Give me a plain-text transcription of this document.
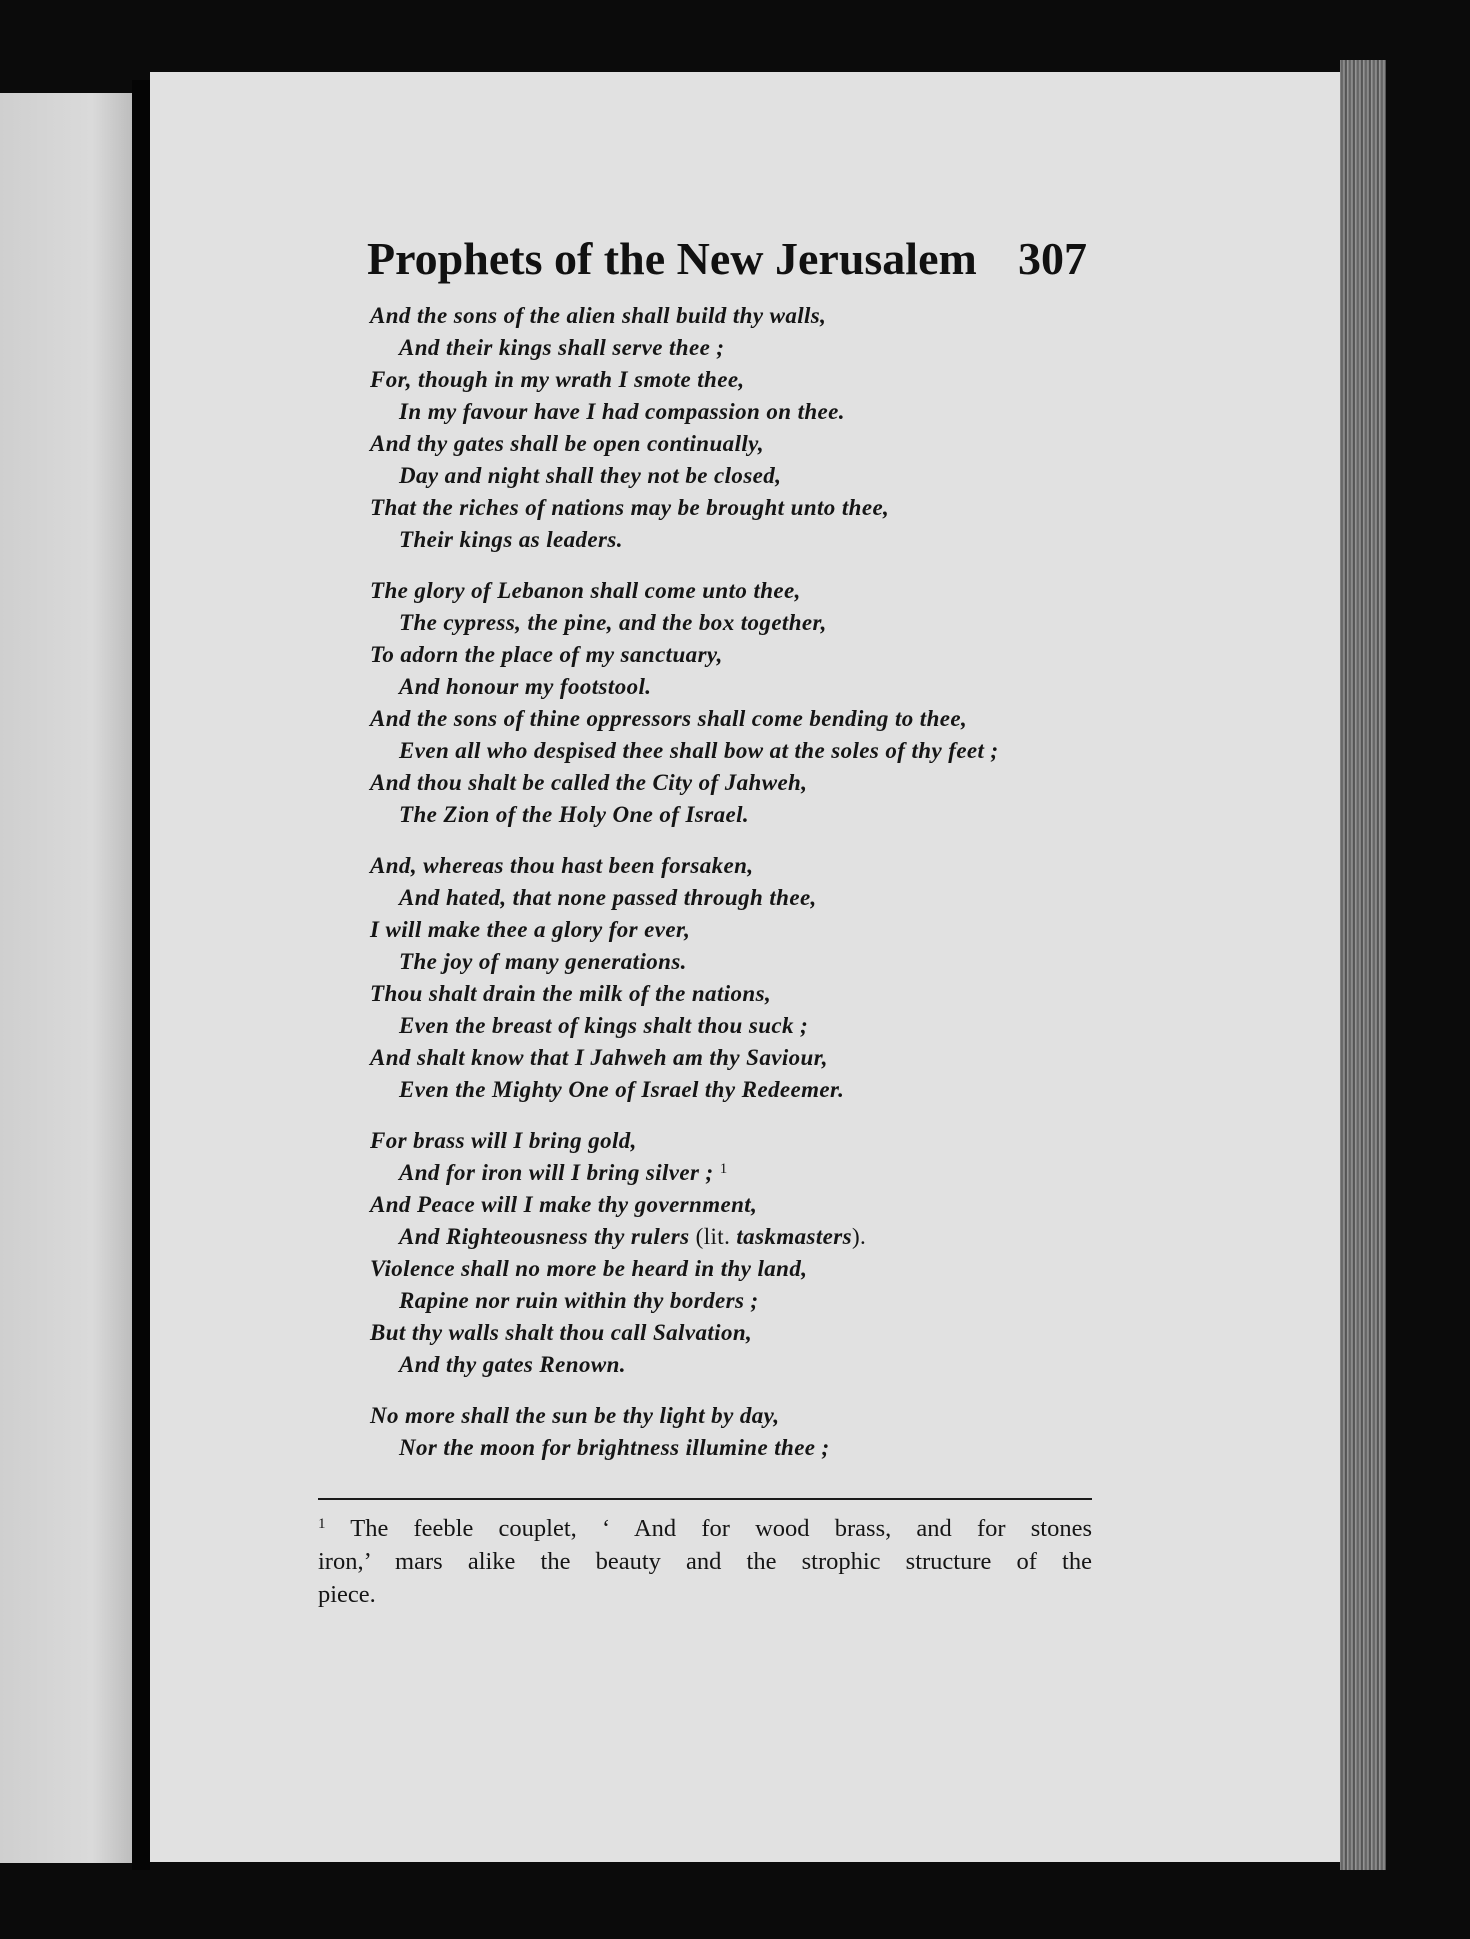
Prophets of the New Jerusalem 307
And the sons of the alien shall build thy walls,
And their kings shall serve thee ;
For, though in my wrath I smote thee,
In my favour have I had compassion on thee.
And thy gates shall be open continually,
Day and night shall they not be closed,
That the riches of nations may be brought unto thee,
Their kings as leaders.
The glory of Lebanon shall come unto thee,
The cypress, the pine, and the box together,
To adorn the place of my sanctuary,
And honour my footstool.
And the sons of thine oppressors shall come bending to thee,
Even all who despised thee shall bow at the soles of thy feet ;
And thou shalt be called the City of Jahweh,
The Zion of the Holy One of Israel.
And, whereas thou hast been forsaken,
And hated, that none passed through thee,
I will make thee a glory for ever,
The joy of many generations.
Thou shalt drain the milk of the nations,
Even the breast of kings shalt thou suck ;
And shalt know that I Jahweh am thy Saviour,
Even the Mighty One of Israel thy Redeemer.
For brass will I bring gold,
And for iron will I bring silver ; $^1$
And Peace will I make thy government,
And Righteousness thy rulers (lit. taskmasters).
Violence shall no more be heard in thy land,
Rapine nor ruin within thy borders ;
But thy walls shalt thou call Salvation,
And thy gates Renown.
No more shall the sun be thy light by day,
Nor the moon for brightness illumine thee ;
$^1$ The feeble couplet, ‘ And for wood brass, and for stones
iron,’ mars alike the beauty and the strophic structure of the
piece.
